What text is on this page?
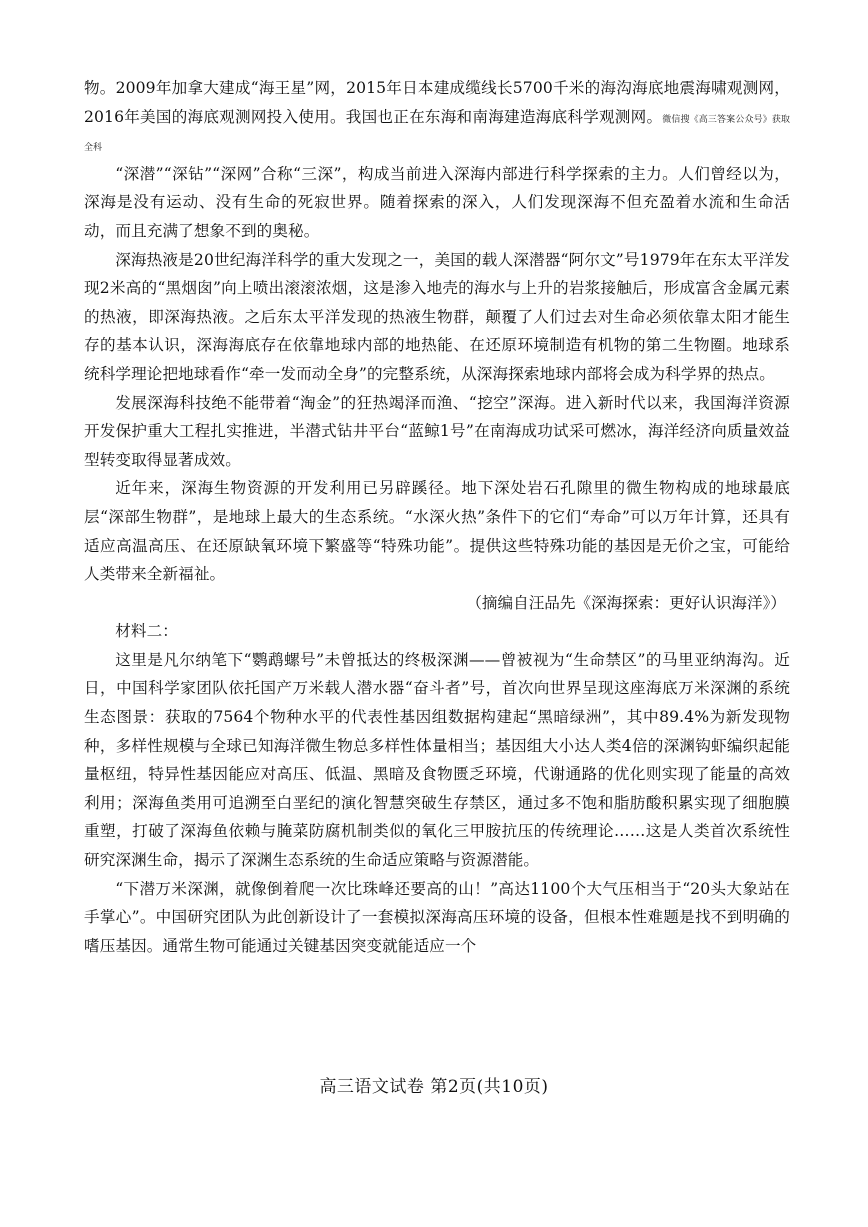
物。2009年加拿大建成“海王星”网，2015年日本建成缆线长5700千米的海沟海底地震海啸观测网，2016年美国的海底观测网投入使用。我国也正在东海和南海建造海底科学观测网。微信搜《高三答案公众号》获取全科

“深潜”“深钻”“深网”合称“三深”，构成当前进入深海内部进行科学探索的主力。人们曾经以为，深海是没有运动、没有生命的死寂世界。随着探索的深入，人们发现深海不但充盈着水流和生命活动，而且充满了想象不到的奥秘。

深海热液是20世纪海洋科学的重大发现之一，美国的载人深潜器“阿尔文”号1979年在东太平洋发现2米高的“黑烟囱”向上喷出滚滚浓烟，这是渗入地壳的海水与上升的岩浆接触后，形成富含金属元素的热液，即深海热液。之后东太平洋发现的热液生物群，颠覆了人们过去对生命必须依靠太阳才能生存的基本认识，深海海底存在依靠地球内部的地热能、在还原环境制造有机物的第二生物圈。地球系统科学理论把地球看作“牵一发而动全身”的完整系统，从深海探索地球内部将会成为科学界的热点。

发展深海科技绝不能带着“淘金”的狂热竭泽而渔、“挖空”深海。进入新时代以来，我国海洋资源开发保护重大工程扎实推进，半潜式钻井平台“蓝鲸1号”在南海成功试采可燃冰，海洋经济向质量效益型转变取得显著成效。

近年来，深海生物资源的开发利用已另辟蹊径。地下深处岩石孔隙里的微生物构成的地球最底层“深部生物群”，是地球上最大的生态系统。“水深火热”条件下的它们“寿命”可以万年计算，还具有适应高温高压、在还原缺氧环境下繁盛等“特殊功能”。提供这些特殊功能的基因是无价之宝，可能给人类带来全新福祉。

（摘编自汪品先《深海探索：更好认识海洋》）

材料二：

这里是凡尔纳笔下“鹦鹉螺号”未曾抵达的终极深渊——曾被视为“生命禁区”的马里亚纳海沟。近日，中国科学家团队依托国产万米载人潜水器“奋斗者”号，首次向世界呈现这座海底万米深渊的系统生态图景：获取的7564个物种水平的代表性基因组数据构建起“黑暗绿洲”，其中89.4%为新发现物种，多样性规模与全球已知海洋微生物总多样性体量相当；基因组大小达人类4倍的深渊钩虾编织起能量枢纽，特异性基因能应对高压、低温、黑暗及食物匮乏环境，代谢通路的优化则实现了能量的高效利用；深海鱼类用可追溯至白垩纪的演化智慧突破生存禁区，通过多不饱和脂肪酸积累实现了细胞膜重塑，打破了深海鱼依赖与腌菜防腐机制类似的氧化三甲胺抗压的传统理论……这是人类首次系统性研究深渊生命，揭示了深渊生态系统的生命适应策略与资源潜能。

“下潜万米深渊，就像倒着爬一次比珠峰还要高的山！”高达1100个大气压相当于“20头大象站在手掌心”。中国研究团队为此创新设计了一套模拟深海高压环境的设备，但根本性难题是找不到明确的嗜压基因。通常生物可能通过关键基因突变就能适应一个

高三语文试卷 第2页(共10页)
